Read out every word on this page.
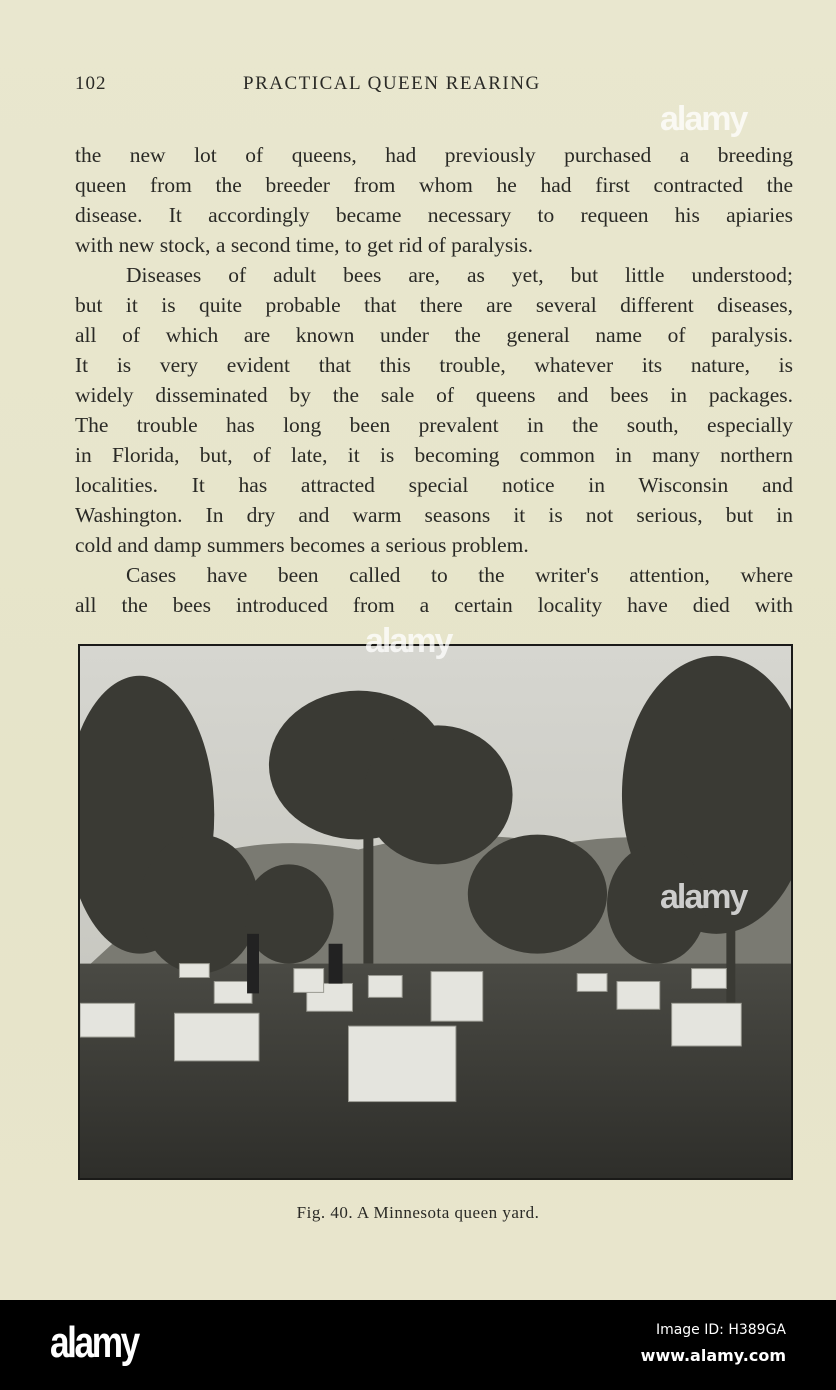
102	PRACTICAL QUEEN REARING
the new lot of queens, had previously purchased a breeding
queen from the breeder from whom he had first contracted the
disease. It accordingly became necessary to requeen his apiaries
with new stock, a second time, to get rid of paralysis.
Diseases of adult bees are, as yet, but little understood;
but it is quite probable that there are several different diseases,
all of which are known under the general name of paralysis.
It is very evident that this trouble, whatever its nature, is
widely disseminated by the sale of queens and bees in packages.
The trouble has long been prevalent in the south, especially
in Florida, but, of late, it is becoming common in many northern
localities. It has attracted special notice in Wisconsin and
Washington. In dry and warm seasons it is not serious, but in
cold and damp summers becomes a serious problem.
Cases have been called to the writer's attention, where
all the bees introduced from a certain locality have died with
Fig. 40. A Minnesota queen yard.
alamy
alamy
alamy
alamy	Image ID: H389GA
www.alamy.com
